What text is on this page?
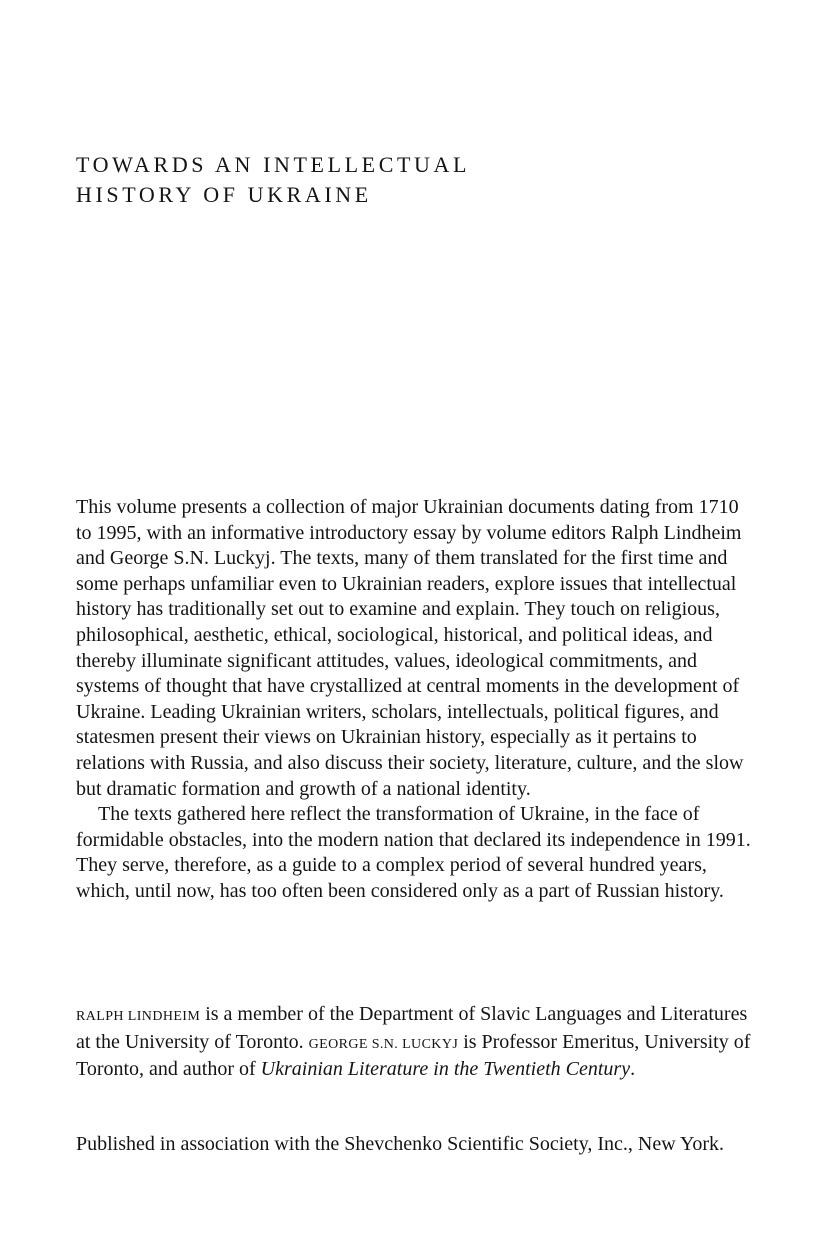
TOWARDS AN INTELLECTUAL
HISTORY OF UKRAINE

This volume presents a collection of major Ukrainian documents dating from 1710 to 1995, with an informative introductory essay by volume editors Ralph Lindheim and George S.N. Luckyj. The texts, many of them translated for the first time and some perhaps unfamiliar even to Ukrainian readers, explore issues that intellectual history has traditionally set out to examine and explain. They touch on religious, philosophical, aesthetic, ethical, sociological, historical, and political ideas, and thereby illuminate significant attitudes, values, ideological commitments, and systems of thought that have crystallized at central moments in the development of Ukraine. Leading Ukrainian writers, scholars, intellectuals, political figures, and statesmen present their views on Ukrainian history, especially as it pertains to relations with Russia, and also discuss their society, literature, culture, and the slow but dramatic formation and growth of a national identity.

The texts gathered here reflect the transformation of Ukraine, in the face of formidable obstacles, into the modern nation that declared its independence in 1991. They serve, therefore, as a guide to a complex period of several hundred years, which, until now, has too often been considered only as a part of Russian history.

RALPH LINDHEIM is a member of the Department of Slavic Languages and Literatures at the University of Toronto. GEORGE S.N. LUCKYJ is Professor Emeritus, University of Toronto, and author of Ukrainian Literature in the Twentieth Century.

Published in association with the Shevchenko Scientific Society, Inc., New York.
